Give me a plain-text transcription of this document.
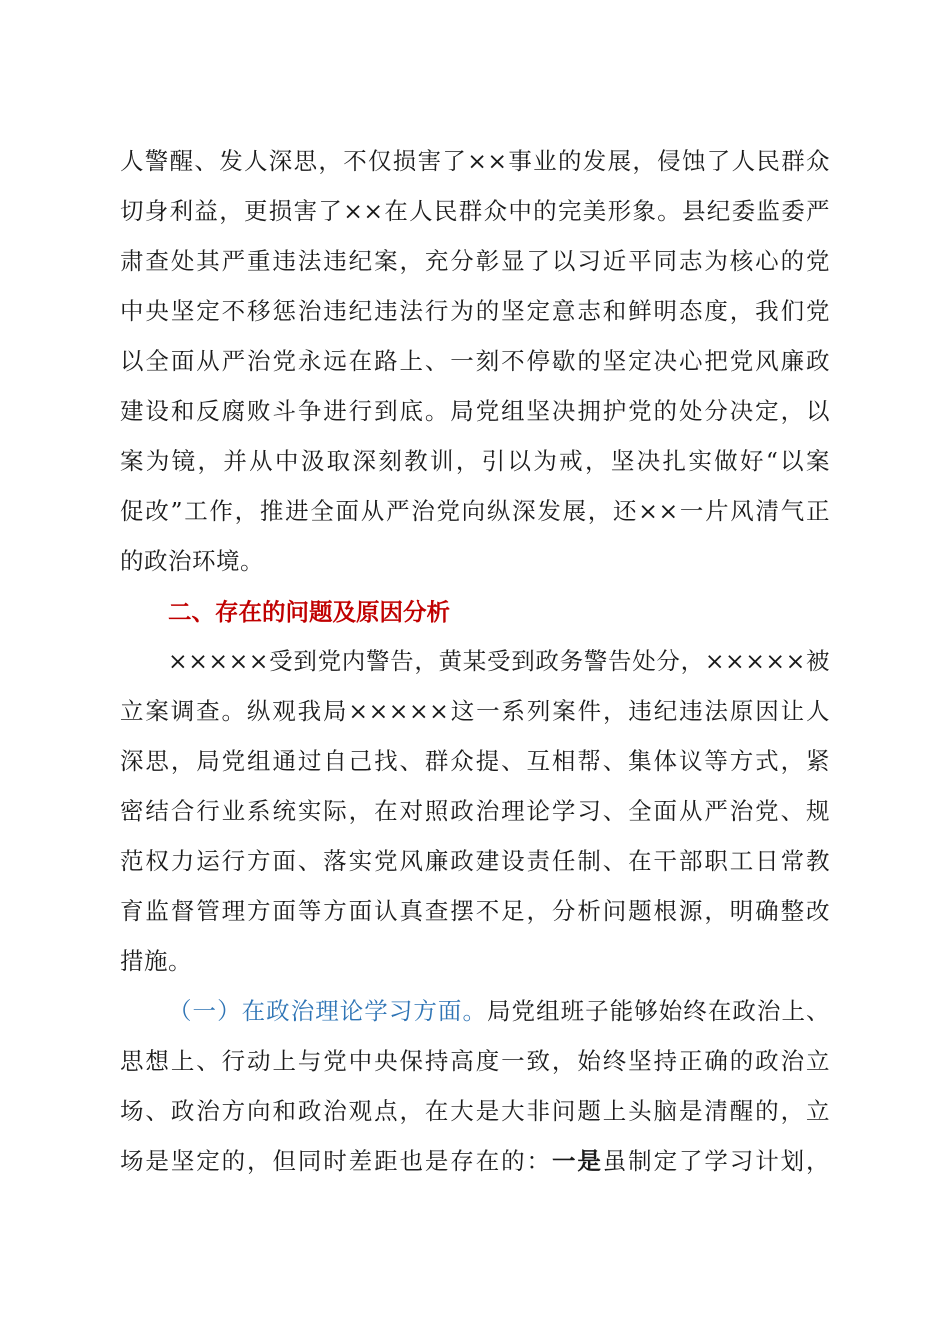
人警醒、发人深思，不仅损害了××事业的发展，侵蚀了人民群众
切身利益，更损害了××在人民群众中的完美形象。县纪委监委严
肃查处其严重违法违纪案，充分彰显了以习近平同志为核心的党
中央坚定不移惩治违纪违法行为的坚定意志和鲜明态度，我们党
以全面从严治党永远在路上、一刻不停歇的坚定决心把党风廉政
建设和反腐败斗争进行到底。局党组坚决拥护党的处分决定，以
案为镜，并从中汲取深刻教训，引以为戒，坚决扎实做好“以案
促改”工作，推进全面从严治党向纵深发展，还××一片风清气正
的政治环境。
二、存在的问题及原因分析
×××××受到党内警告，黄某受到政务警告处分，×××××被
立案调查。纵观我局×××××这一系列案件，违纪违法原因让人
深思，局党组通过自己找、群众提、互相帮、集体议等方式，紧
密结合行业系统实际，在对照政治理论学习、全面从严治党、规
范权力运行方面、落实党风廉政建设责任制、在干部职工日常教
育监督管理方面等方面认真查摆不足，分析问题根源，明确整改
措施。
（一）在政治理论学习方面。局党组班子能够始终在政治上、
思想上、行动上与党中央保持高度一致，始终坚持正确的政治立
场、政治方向和政治观点，在大是大非问题上头脑是清醒的，立
场是坚定的，但同时差距也是存在的：一是虽制定了学习计划，
